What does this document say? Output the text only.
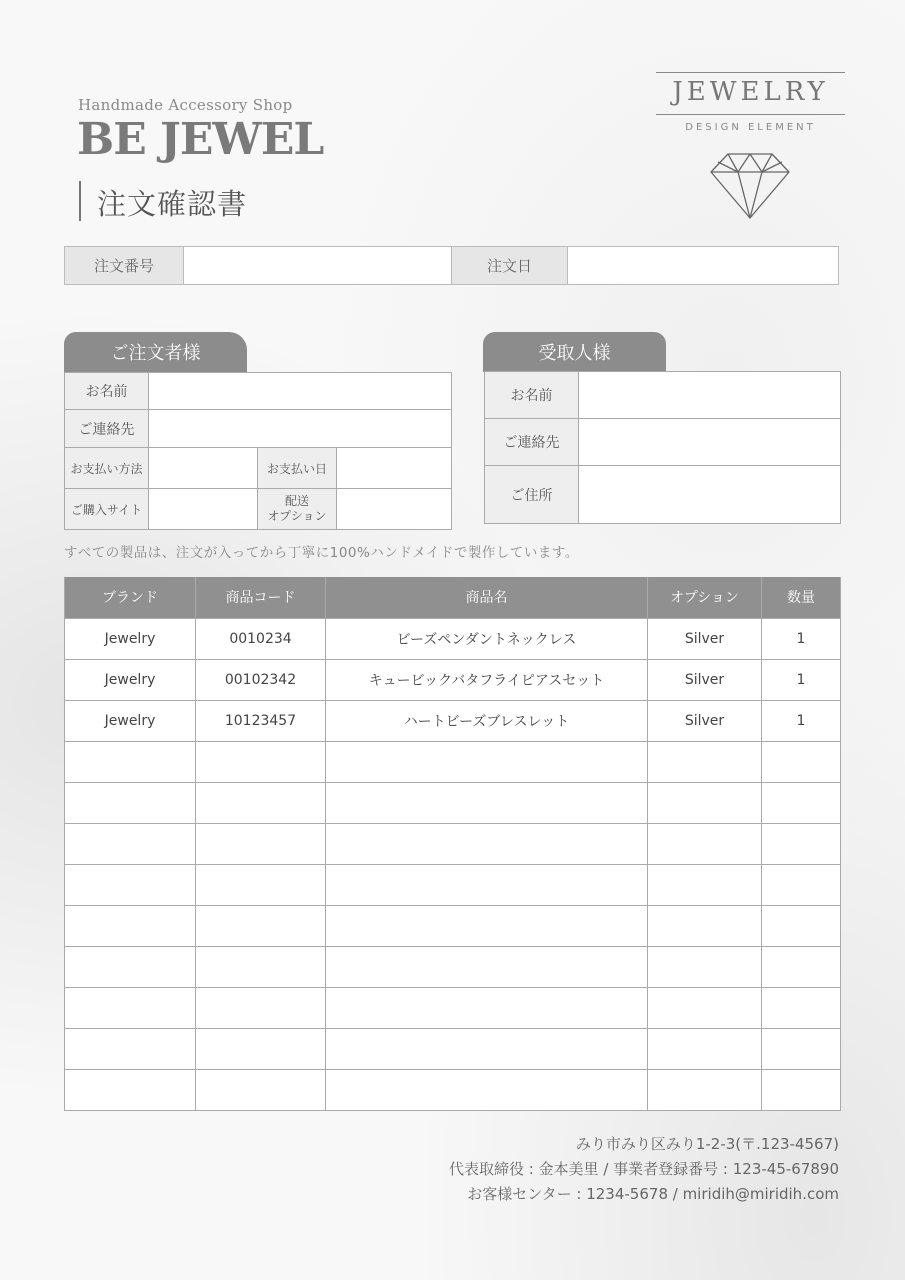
Handmade Accessory Shop
BE JEWEL
注文確認書
JEWELRY
DESIGN ELEMENT
注文番号	注文日
ご注文者様
お名前			
ご連絡先			
お支払い方法		お支払い日	
ご購入サイト		配送
オプション	
受取人様
お名前	
ご連絡先	
ご住所	
すべての製品は、注文が入ってから丁寧に100%ハンドメイドで製作しています。
ブランド	商品コード	商品名	オプション	数量
Jewelry	0010234	ビーズペンダントネックレス	Silver	1
Jewelry	00102342	キュービックバタフライピアスセット	Silver	1
Jewelry	10123457	ハートビーズブレスレット	Silver	1

みり市みり区みり1-2-3(〒.123-4567)
代表取締役 : 金本美里 / 事業者登録番号 : 123-45-67890
お客様センター : 1234-5678 / miridih@miridih.com
